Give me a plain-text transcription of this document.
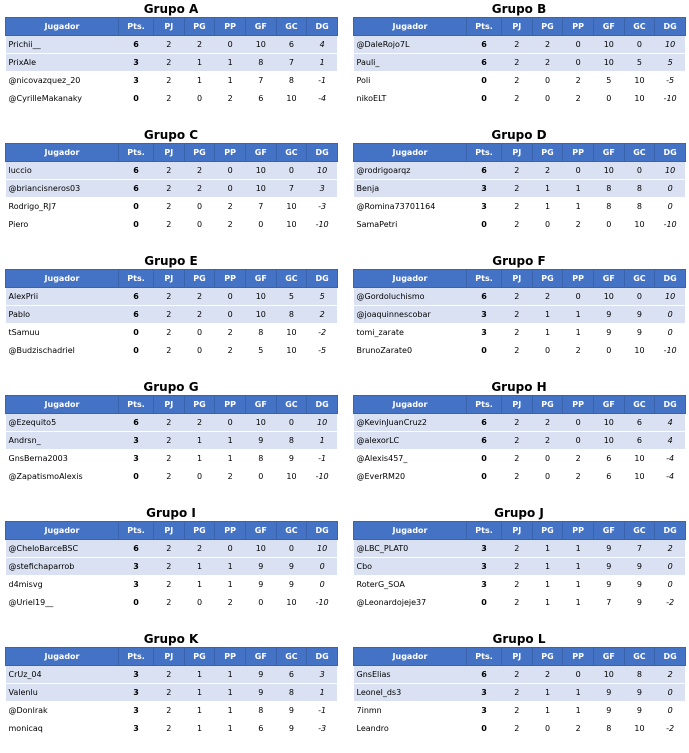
Grupo A
Jugador	Pts.	PJ	PG	PP	GF	GC	DG
Prichii__	6	2	2	0	10	6	4
PrixAle	3	2	1	1	8	7	1
@nicovazquez_20	3	2	1	1	7	8	-1
@CyrilleMakanaky	0	2	0	2	6	10	-4
Grupo B
Jugador	Pts.	PJ	PG	PP	GF	GC	DG
@DaleRojo7L	6	2	2	0	10	0	10
Pauli_	6	2	2	0	10	5	5
Poli	0	2	0	2	5	10	-5
nikoELT	0	2	0	2	0	10	-10
Grupo C
Jugador	Pts.	PJ	PG	PP	GF	GC	DG
luccio	6	2	2	0	10	0	10
@briancisneros03	6	2	2	0	10	7	3
Rodrigo_RJ7	0	2	0	2	7	10	-3
Piero	0	2	0	2	0	10	-10
Grupo D
Jugador	Pts.	PJ	PG	PP	GF	GC	DG
@rodrigoarqz	6	2	2	0	10	0	10
Benja	3	2	1	1	8	8	0
@Romina73701164	3	2	1	1	8	8	0
SamaPetri	0	2	0	2	0	10	-10
Grupo E
Jugador	Pts.	PJ	PG	PP	GF	GC	DG
AlexPrii	6	2	2	0	10	5	5
Pablo	6	2	2	0	10	8	2
tSamuu	0	2	0	2	8	10	-2
@Budzischadriel	0	2	0	2	5	10	-5
Grupo F
Jugador	Pts.	PJ	PG	PP	GF	GC	DG
@Gordoluchismo	6	2	2	0	10	0	10
@joaquinnescobar	3	2	1	1	9	9	0
tomi_zarate	3	2	1	1	9	9	0
BrunoZarate0	0	2	0	2	0	10	-10
Grupo G
Jugador	Pts.	PJ	PG	PP	GF	GC	DG
@Ezequito5	6	2	2	0	10	0	10
Andrsn_	3	2	1	1	9	8	1
GnsBerna2003	3	2	1	1	8	9	-1
@ZapatismoAlexis	0	2	0	2	0	10	-10
Grupo H
Jugador	Pts.	PJ	PG	PP	GF	GC	DG
@KevinJuanCruz2	6	2	2	0	10	6	4
@alexorLC	6	2	2	0	10	6	4
@Alexis457_	0	2	0	2	6	10	-4
@EverRM20	0	2	0	2	6	10	-4
Grupo I
Jugador	Pts.	PJ	PG	PP	GF	GC	DG
@CheloBarceBSC	6	2	2	0	10	0	10
@stefichaparrob	3	2	1	1	9	9	0
d4misvg	3	2	1	1	9	9	0
@Uriel19__	0	2	0	2	0	10	-10
Grupo J
Jugador	Pts.	PJ	PG	PP	GF	GC	DG
@LBC_PLAT0	3	2	1	1	9	7	2
Cbo	3	2	1	1	9	9	0
RoterG_SOA	3	2	1	1	9	9	0
@Leonardojeje37	0	2	1	1	7	9	-2
Grupo K
Jugador	Pts.	PJ	PG	PP	GF	GC	DG
CrUz_04	3	2	1	1	9	6	3
Valenlu	3	2	1	1	9	8	1
@Donlrak	3	2	1	1	8	9	-1
monicaq	3	2	1	1	6	9	-3
Grupo L
Jugador	Pts.	PJ	PG	PP	GF	GC	DG
GnsElias	6	2	2	0	10	8	2
Leonel_ds3	3	2	1	1	9	9	0
7inmn	3	2	1	1	9	9	0
Leandro	0	2	0	2	8	10	-2
